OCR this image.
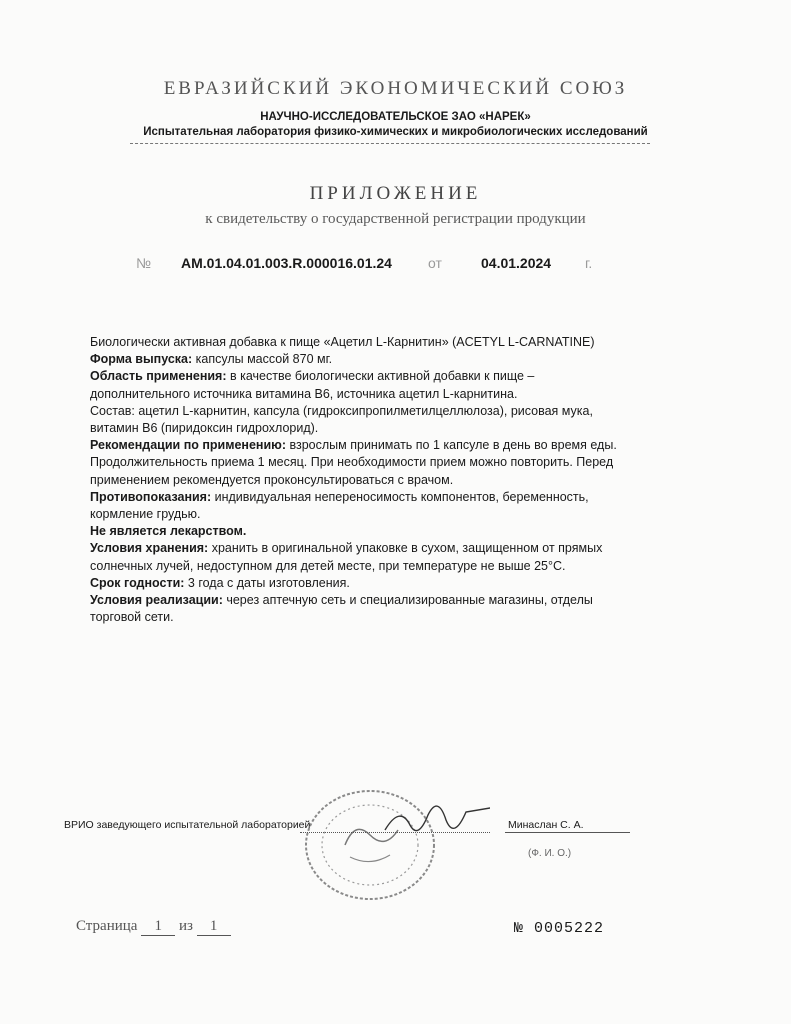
ЕВРАЗИЙСКИЙ ЭКОНОМИЧЕСКИЙ СОЮЗ
НАУЧНО-ИССЛЕДОВАТЕЛЬСКОЕ ЗАО «НАРЕК»
Испытательная лаборатория физико-химических и микробиологических исследований
ПРИЛОЖЕНИЕ
к свидетельству о государственной регистрации продукции
№ AM.01.04.01.003.R.000016.01.24	от	04.01.2024 г.

Биологически активная добавка к пище «Ацетил L-Карнитин» (ACETYL L-CARNATINE)

Форма выпуска: капсулы массой 870 мг.

Область применения: в качестве биологически активной добавки к пище – дополнительного источника витамина В6, источника ацетил L-карнитина.

Состав: ацетил L-карнитин, капсула (гидроксипропилметилцеллюлоза), рисовая мука, витамин В6 (пиридоксин гидрохлорид).

Рекомендации по применению: взрослым принимать по 1 капсуле в день во время еды. Продолжительность приема 1 месяц. При необходимости прием можно повторить. Перед применением рекомендуется проконсультироваться с врачом.

Противопоказания: индивидуальная непереносимость компонентов, беременность, кормление грудью.

Не является лекарством.

Условия хранения: хранить в оригинальной упаковке в сухом, защищенном от прямых солнечных лучей, недоступном для детей месте, при температуре не выше 25°С.

Срок годности: 3 года с даты изготовления.

Условия реализации: через аптечную сеть и специализированные магазины, отделы торговой сети.

ВРИО заведующего испытательной лабораторией	Минаслан С. А.
(Ф. И. О.)
Страница 1 из 1	№ 0005222
